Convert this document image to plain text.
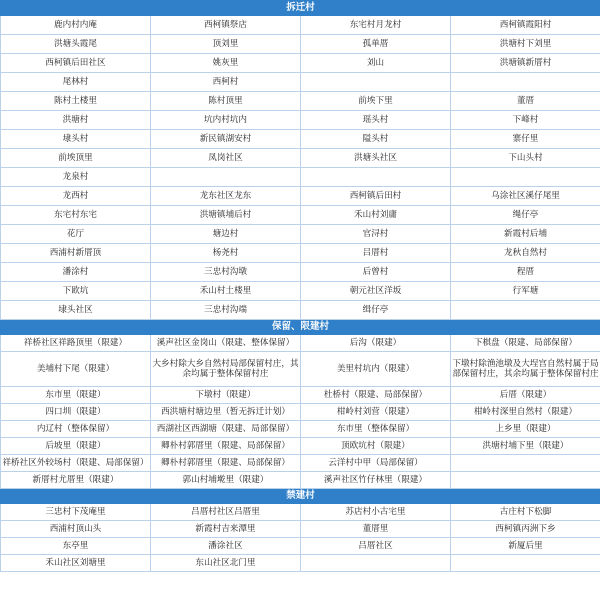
拆迁村			
鹿内村内庵	西柯镇祭店	东宅村月龙村	西柯镇霞阳村
洪塘头霞尾	顶刘里	孤单厝	洪塘村下刘里
西柯镇后田社区	姚灰里	刘山	洪塘镇新厝村
尾林村	西柯村		
陈村土楼里	陈村顶里	前埃下里	董厝
洪塘村	坑内村坑内	瑶头村	下峰村
埭头村	新民镇湖安村	隘头村	寨仔里
前埃顶里	凤岗社区	洪塘头社区	下山头村
龙泉村			
龙西村	龙东社区龙东	西柯镇后田村	乌涂社区溪仔尾里
东宅村东宅	洪塘镇埔后村	禾山村刘庸	绳仔亭
花厅	塘边村	官浔村	新霞村后埔
西浦村新厝顶	杨尧村	吕厝村	龙秋自然村
潘涂村	三忠村沟墩	后曾村	程厝
下欧坑	禾山村土楼里	朝元社区洋坂	行军塘
埭头社区	三忠村沟端	缉仔亭	
保留、限建村			
祥桥社区祥路顶里（限建）	溪声社区金岗山（限建、整体保留）	后沟（限建）	下棋盘（限建、局部保留）
美埔村下尾（限建）	大乡村除大乡自然村局部保留村庄，其余均属于整体保留村庄	美里村坑内（限建）	下墩村除渔池墩及大埕宫自然村属于局部保留村庄，其余均属于整体保留村庄
东市里（限建）	下墩村（限建）	杜桥村（限建、局部保留）	后厝（限建）
四口圳（限建）	西洪塘村塘边里（暂无拆迁计划）	柑岭村刘营（限建）	柑岭村深里自然村（限建）
内辽村（整体保留）	西湖社区西湖塘（限建、局部保留）	东市里（整体保留）	上乡里（限建）
后坡里（限建）	卿朴村郭厝里（限建、局部保留）	顶欧坑村（限建）	洪塘村埔下里（限建）
祥桥社区外较场村（限建、局部保留）	卿朴村郭厝里（限建、局部保留）	云洋村中甲（局部保留）	
新厝村尤厝里（限建）	郭山村埔墘里（限建）	溪声社区竹仔林里（限建）	
禁建村			
三忠村下茂庵里	吕厝村社区吕厝里	苏店村小古宅里	古庄村下松脚
西浦村顶山头	新霞村吉来潭里	董厝里	西柯镇丙洲下乡
东亭里	潘涂社区	吕厝社区	新厦后里
禾山社区刘塘里	东山社区北门里		
